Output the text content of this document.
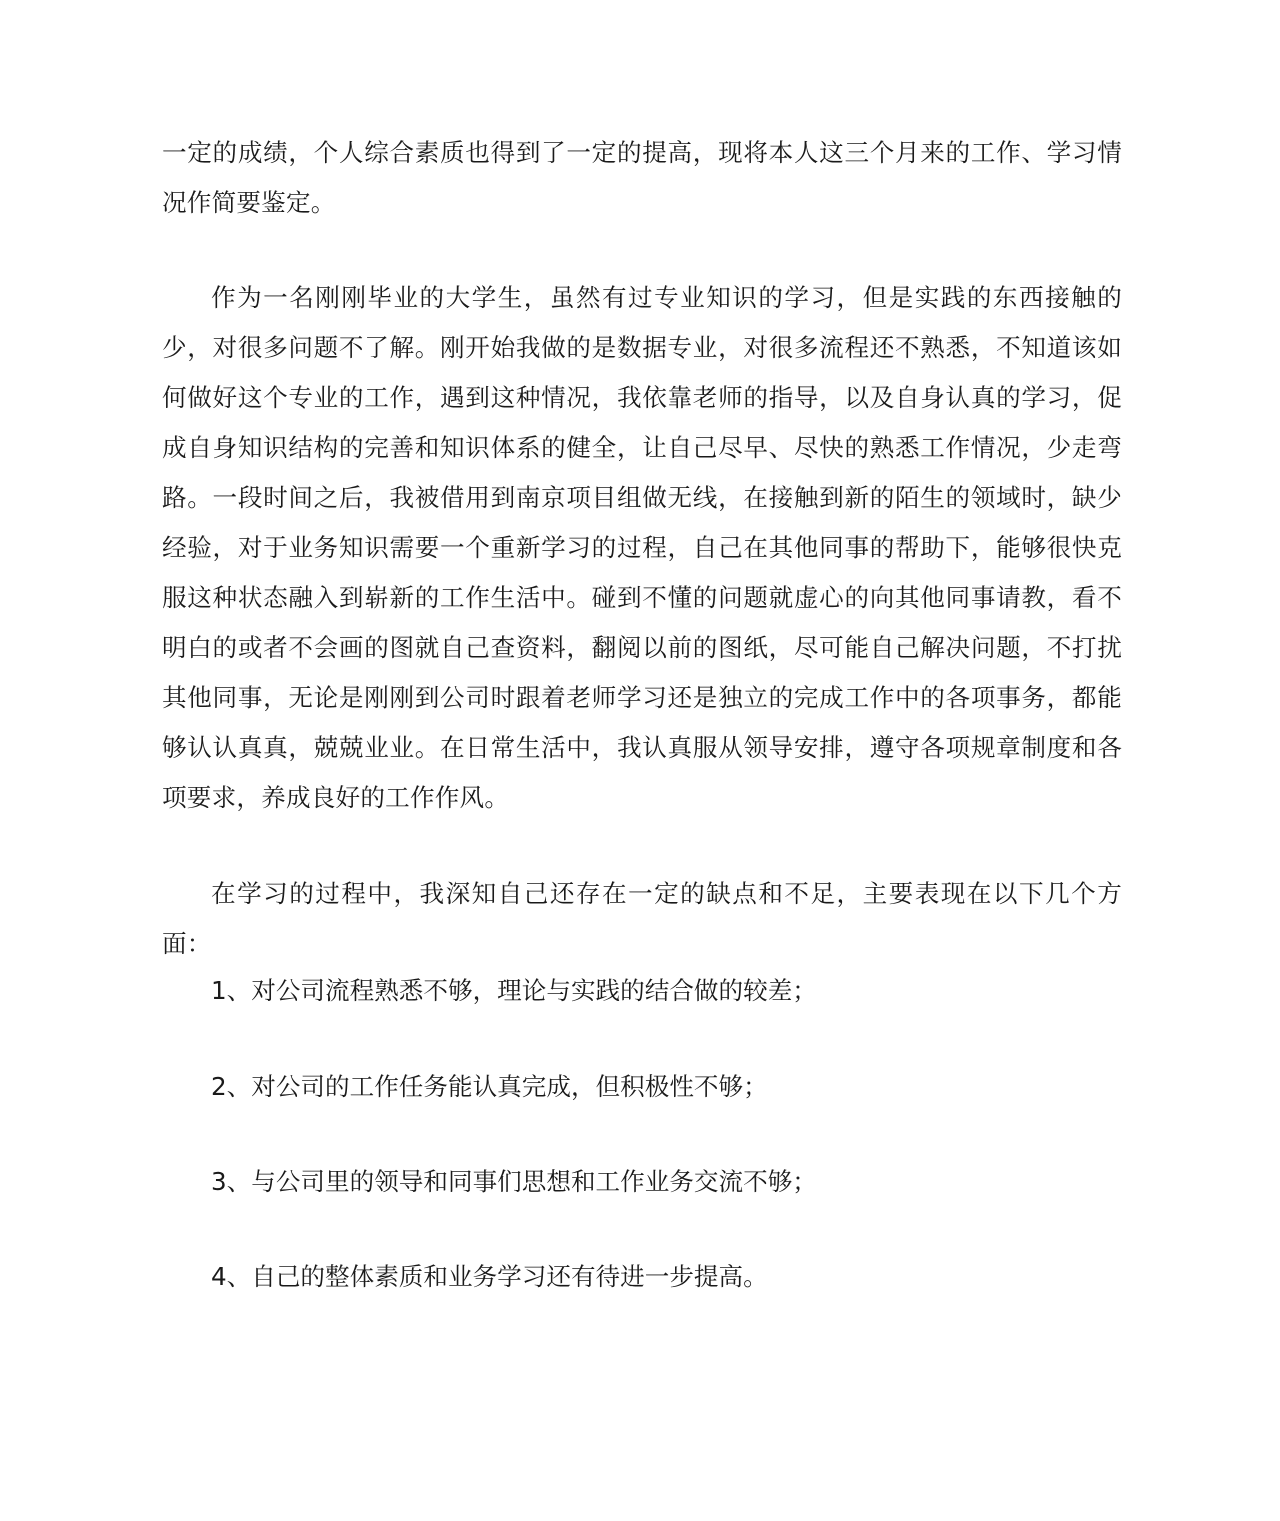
一定的成绩，个人综合素质也得到了一定的提高，现将本人这三个月来的工作、学习情况作简要鉴定。

作为一名刚刚毕业的大学生，虽然有过专业知识的学习，但是实践的东西接触的少，对很多问题不了解。刚开始我做的是数据专业，对很多流程还不熟悉，不知道该如何做好这个专业的工作，遇到这种情况，我依靠老师的指导，以及自身认真的学习，促成自身知识结构的完善和知识体系的健全，让自己尽早、尽快的熟悉工作情况，少走弯路。一段时间之后，我被借用到南京项目组做无线，在接触到新的陌生的领域时，缺少经验，对于业务知识需要一个重新学习的过程，自己在其他同事的帮助下，能够很快克服这种状态融入到崭新的工作生活中。碰到不懂的问题就虚心的向其他同事请教，看不明白的或者不会画的图就自己查资料，翻阅以前的图纸，尽可能自己解决问题，不打扰其他同事，无论是刚刚到公司时跟着老师学习还是独立的完成工作中的各项事务，都能够认认真真，兢兢业业。在日常生活中，我认真服从领导安排，遵守各项规章制度和各项要求，养成良好的工作作风。

在学习的过程中，我深知自己还存在一定的缺点和不足，主要表现在以下几个方面：

1、对公司流程熟悉不够，理论与实践的结合做的较差；

2、对公司的工作任务能认真完成，但积极性不够；

3、与公司里的领导和同事们思想和工作业务交流不够；

4、自己的整体素质和业务学习还有待进一步提高。
